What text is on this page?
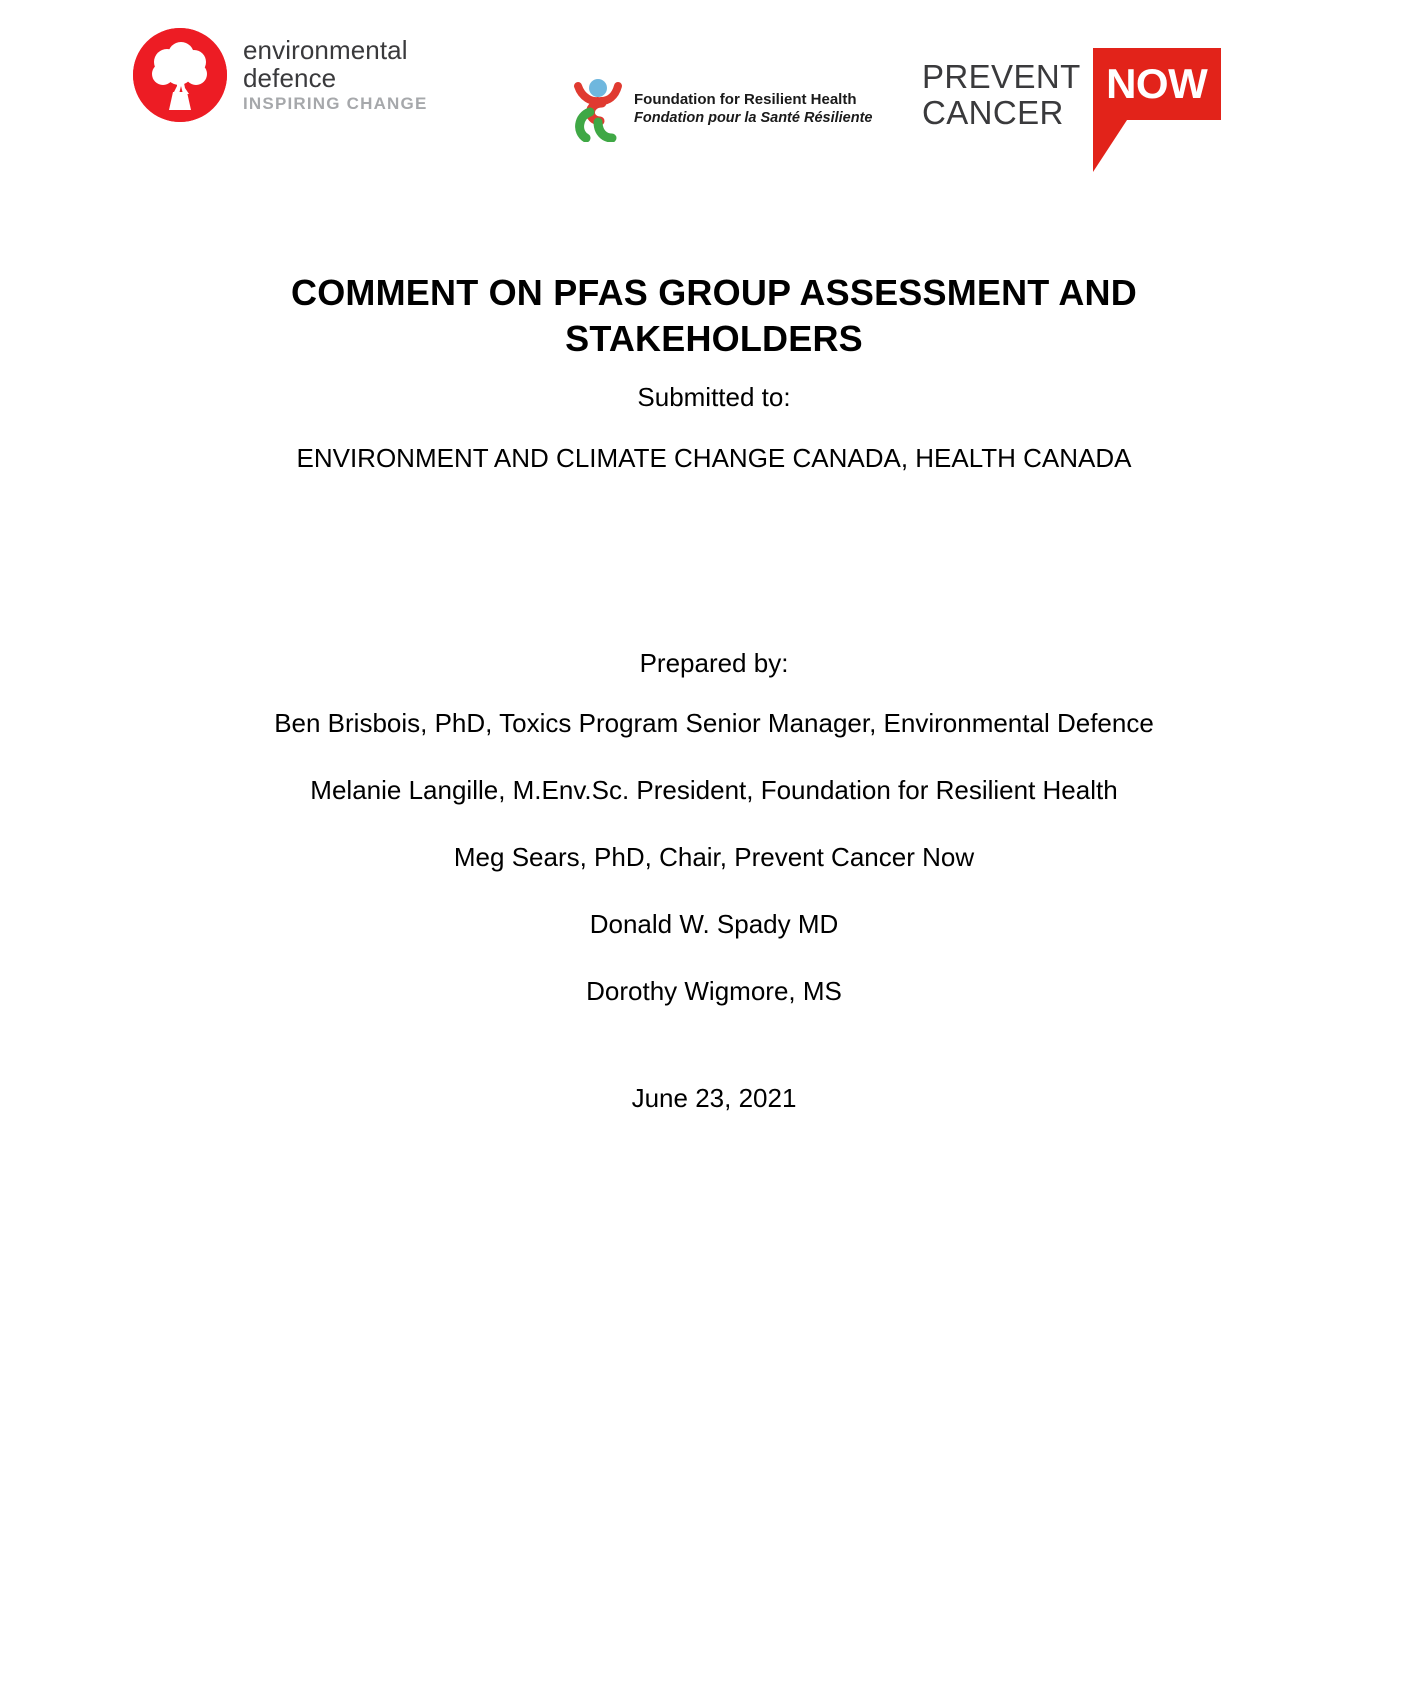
environmental
defence
INSPIRING CHANGE	Foundation for Resilient Health
Fondation pour la Santé Résiliente
PREVENT
CANCER
NOW
COMMENT ON PFAS GROUP ASSESSMENT AND STAKEHOLDERS
Submitted to:
ENVIRONMENT AND CLIMATE CHANGE CANADA, HEALTH CANADA
Prepared by:
Ben Brisbois, PhD, Toxics Program Senior Manager, Environmental Defence
Melanie Langille, M.Env.Sc. President, Foundation for Resilient Health
Meg Sears, PhD, Chair, Prevent Cancer Now
Donald W. Spady MD
Dorothy Wigmore, MS
June 23, 2021
